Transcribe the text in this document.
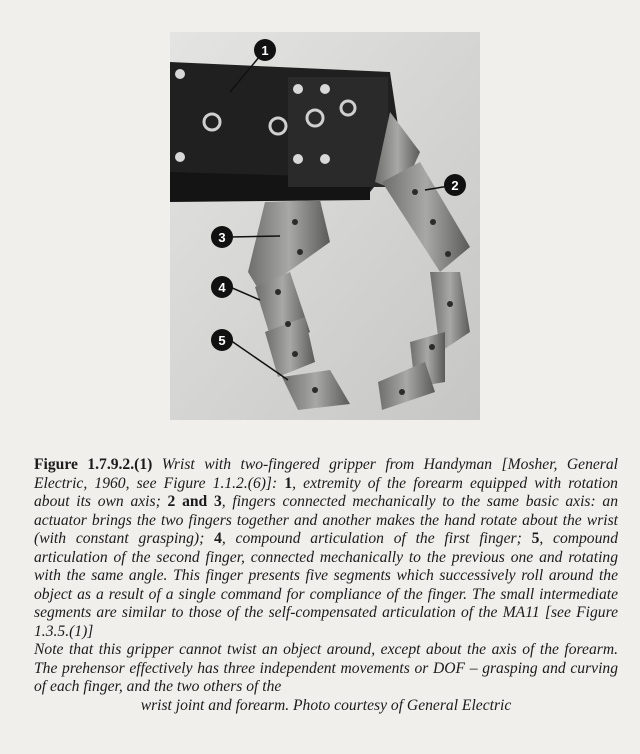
1
2
3
4
5

Figure 1.7.9.2.(1) Wrist with two-fingered gripper from Handyman [Mosher, General Electric, 1960, see Figure 1.1.2.(6)]: 1, extremity of the forearm equipped with rotation about its own axis; 2 and 3, fingers connected mechanically to the same basic axis: an actuator brings the two fingers together and another makes the hand rotate about the wrist (with constant grasping); 4, compound articulation of the first finger; 5, compound articulation of the second finger, connected mechanically to the previous one and rotating with the same angle. This finger presents five segments which successively roll around the object as a result of a single command for compliance of the finger. The small intermediate segments are similar to those of the self-compensated articulation of the MA11 [see Figure 1.3.5.(1)]

Note that this gripper cannot twist an object around, except about the axis of the forearm. The prehensor effectively has three independent movements or DOF – grasping and curving of each finger, and the two others of the

wrist joint and forearm. Photo courtesy of General Electric
